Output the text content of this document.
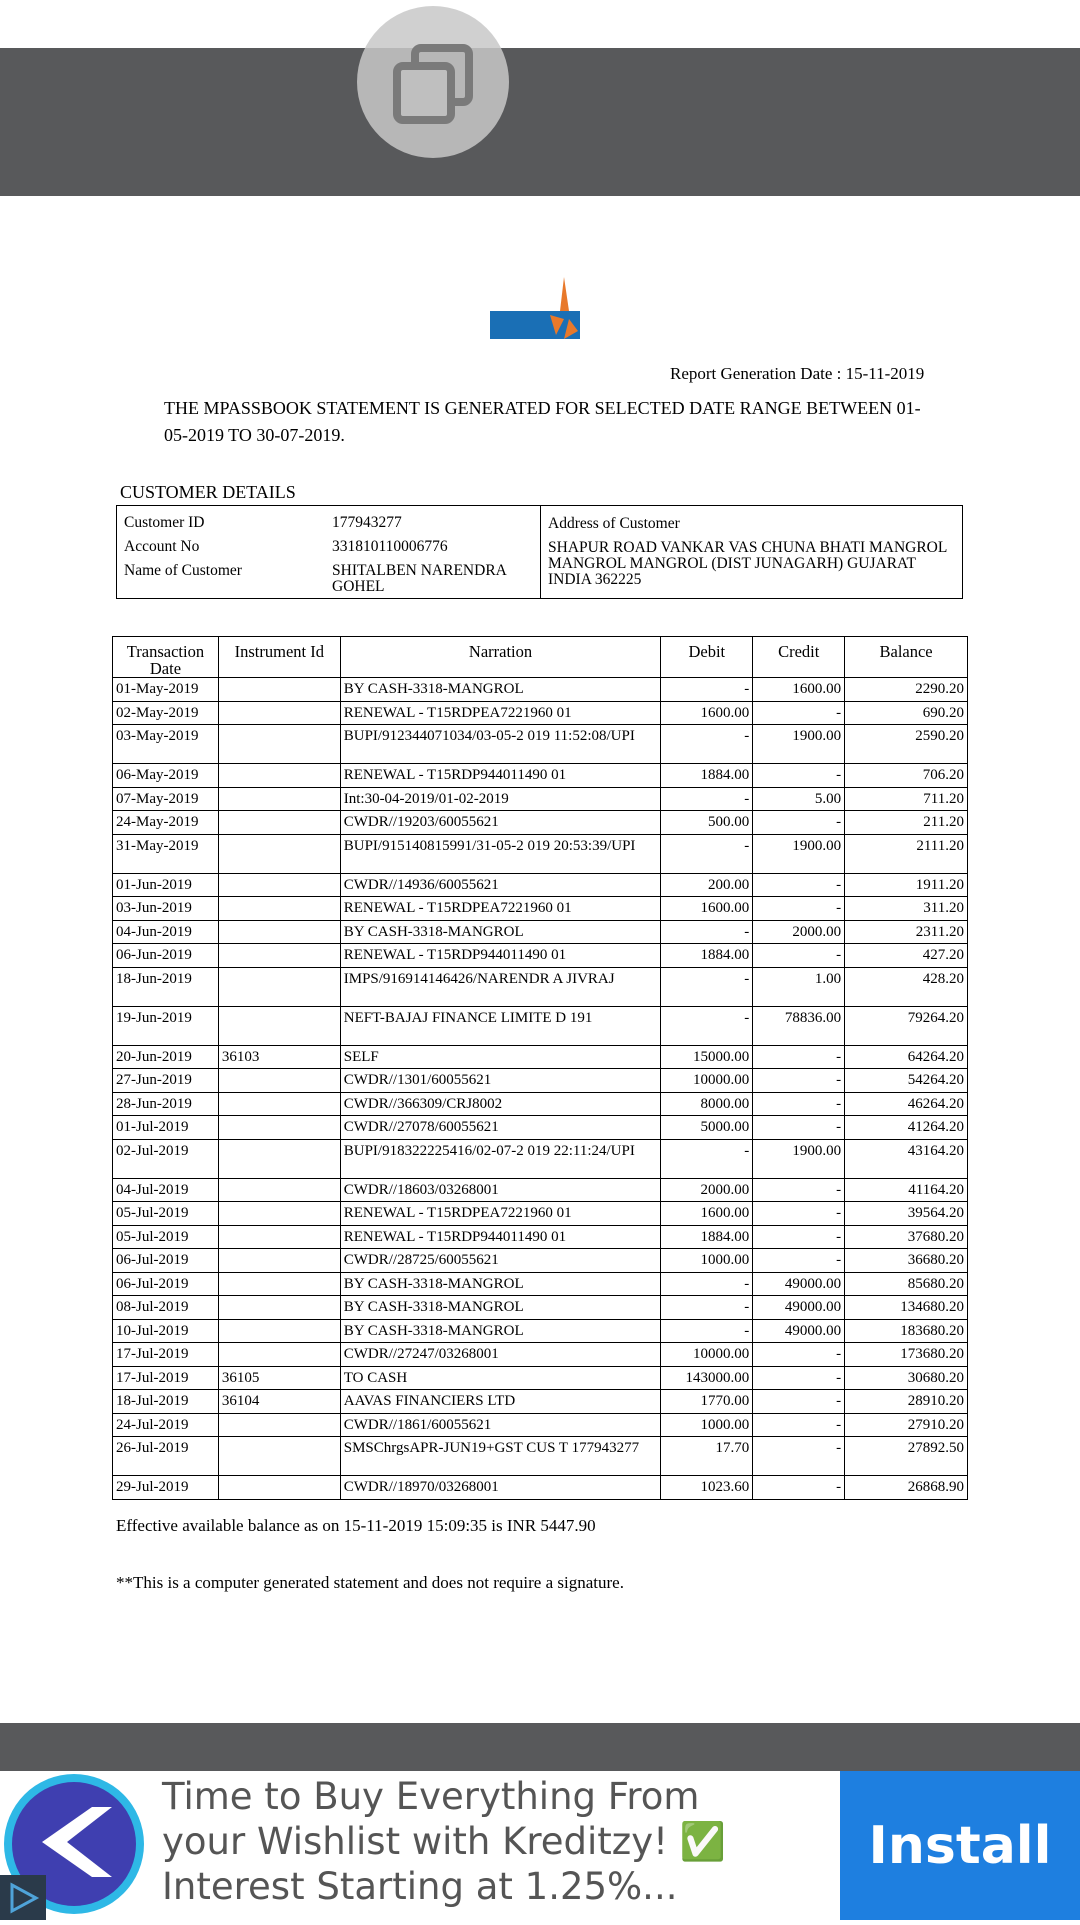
Report Generation Date : 15-11-2019
THE MPASSBOOK STATEMENT IS GENERATED FOR SELECTED DATE RANGE BETWEEN 01-05-2019 TO 30-07-2019.
CUSTOMER DETAILS
Customer ID	177943277
Account No	331810110006776
Name of Customer	SHITALBEN NARENDRA GOHEL
Address of Customer
SHAPUR ROAD VANKAR VAS CHUNA BHATI MANGROL MANGROL MANGROL (DIST JUNAGARH) GUJARAT INDIA 362225
Transaction Date	Instrument Id	Narration	Debit	Credit	Balance
01-May-2019		BY CASH-3318-MANGROL	-	1600.00	2290.20
02-May-2019		RENEWAL - T15RDPEA7221960 01	1600.00	-	690.20
03-May-2019		BUPI/912344071034/03-05-2 019 11:52:08/UPI	-	1900.00	2590.20
06-May-2019		RENEWAL - T15RDP944011490 01	1884.00	-	706.20
07-May-2019		Int:30-04-2019/01-02-2019	-	5.00	711.20
24-May-2019		CWDR//19203/60055621	500.00	-	211.20
31-May-2019		BUPI/915140815991/31-05-2 019 20:53:39/UPI	-	1900.00	2111.20
01-Jun-2019		CWDR//14936/60055621	200.00	-	1911.20
03-Jun-2019		RENEWAL - T15RDPEA7221960 01	1600.00	-	311.20
04-Jun-2019		BY CASH-3318-MANGROL	-	2000.00	2311.20
06-Jun-2019		RENEWAL - T15RDP944011490 01	1884.00	-	427.20
18-Jun-2019		IMPS/916914146426/NARENDR A JIVRAJ	-	1.00	428.20
19-Jun-2019		NEFT-BAJAJ FINANCE LIMITE D 191	-	78836.00	79264.20
20-Jun-2019	36103	SELF	15000.00	-	64264.20
27-Jun-2019		CWDR//1301/60055621	10000.00	-	54264.20
28-Jun-2019		CWDR//366309/CRJ8002	8000.00	-	46264.20
01-Jul-2019		CWDR//27078/60055621	5000.00	-	41264.20
02-Jul-2019		BUPI/918322225416/02-07-2 019 22:11:24/UPI	-	1900.00	43164.20
04-Jul-2019		CWDR//18603/03268001	2000.00	-	41164.20
05-Jul-2019		RENEWAL - T15RDPEA7221960 01	1600.00	-	39564.20
05-Jul-2019		RENEWAL - T15RDP944011490 01	1884.00	-	37680.20
06-Jul-2019		CWDR//28725/60055621	1000.00	-	36680.20
06-Jul-2019		BY CASH-3318-MANGROL	-	49000.00	85680.20
08-Jul-2019		BY CASH-3318-MANGROL	-	49000.00	134680.20
10-Jul-2019		BY CASH-3318-MANGROL	-	49000.00	183680.20
17-Jul-2019		CWDR//27247/03268001	10000.00	-	173680.20
17-Jul-2019	36105	TO CASH	143000.00	-	30680.20
18-Jul-2019	36104	AAVAS FINANCIERS LTD	1770.00	-	28910.20
24-Jul-2019		CWDR//1861/60055621	1000.00	-	27910.20
26-Jul-2019		SMSChrgsAPR-JUN19+GST CUS T 177943277	17.70	-	27892.50
29-Jul-2019		CWDR//18970/03268001	1023.60	-	26868.90
Effective available balance as on 15-11-2019 15:09:35 is INR 5447.90
**This is a computer generated statement and does not require a signature.
Time to Buy Everything From your Wishlist with Kreditzy! ✅ Interest Starting at 1.25%...
Install
